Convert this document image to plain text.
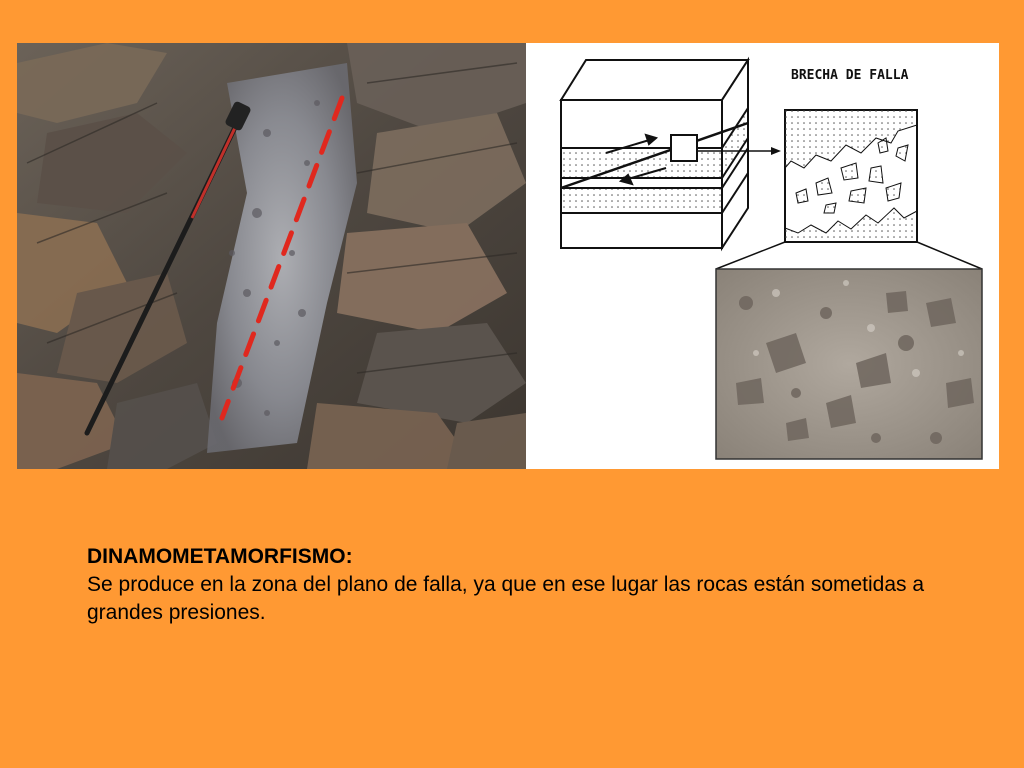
BRECHA DE FALLA
DINAMOMETAMORFISMO:
Se produce en la zona del plano de falla, ya que en ese lugar las rocas están sometidas a grandes presiones.
